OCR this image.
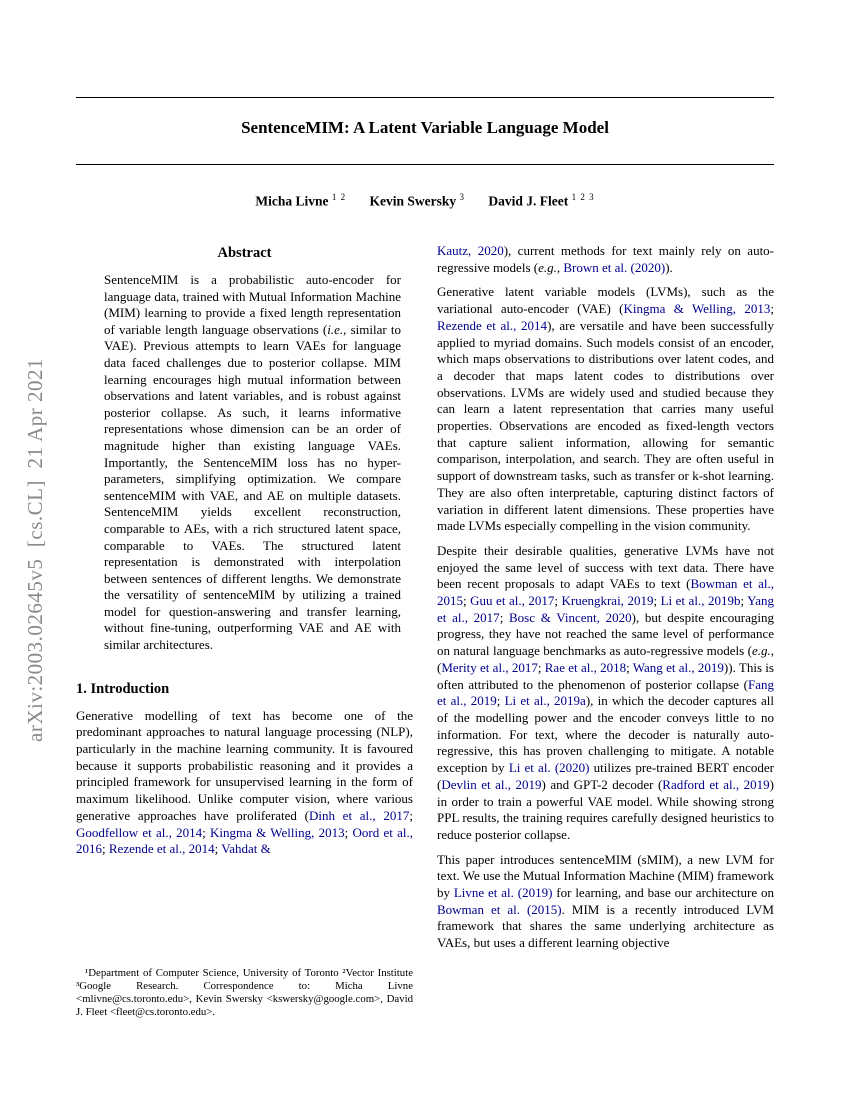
arXiv:2003.02645v5  [cs.CL]  21 Apr 2021
SentenceMIM: A Latent Variable Language Model
Micha Livne $^{1 2}$ Kevin Swersky $^3$ David J. Fleet $^{1 2 3}$
Abstract
SentenceMIM is a probabilistic auto-encoder for language data, trained with Mutual Information Machine (MIM) learning to provide a fixed length representation of variable length language observations (i.e., similar to VAE). Previous attempts to learn VAEs for language data faced challenges due to posterior collapse. MIM learning encourages high mutual information between observations and latent variables, and is robust against posterior collapse. As such, it learns informative representations whose dimension can be an order of magnitude higher than existing language VAEs. Importantly, the SentenceMIM loss has no hyper-parameters, simplifying optimization. We compare sentenceMIM with VAE, and AE on multiple datasets. SentenceMIM yields excellent reconstruction, comparable to AEs, with a rich structured latent space, comparable to VAEs. The structured latent representation is demonstrated with interpolation between sentences of different lengths. We demonstrate the versatility of sentenceMIM by utilizing a trained model for question-answering and transfer learning, without fine-tuning, outperforming VAE and AE with similar architectures.
1. Introduction

Generative modelling of text has become one of the predominant approaches to natural language processing (NLP), particularly in the machine learning community. It is favoured because it supports probabilistic reasoning and it provides a principled framework for unsupervised learning in the form of maximum likelihood. Unlike computer vision, where various generative approaches have proliferated (Dinh et al., 2017; Goodfellow et al., 2014; Kingma & Welling, 2013; Oord et al., 2016; Rezende et al., 2014; Vahdat &

¹Department of Computer Science, University of Toronto ²Vector Institute ³Google Research. Correspondence to: Micha Livne <mlivne@cs.toronto.edu>, Kevin Swersky <kswersky@google.com>, David J. Fleet <fleet@cs.toronto.edu>.

Kautz, 2020), current methods for text mainly rely on auto-regressive models (e.g., Brown et al. (2020)).

Generative latent variable models (LVMs), such as the variational auto-encoder (VAE) (Kingma & Welling, 2013; Rezende et al., 2014), are versatile and have been successfully applied to myriad domains. Such models consist of an encoder, which maps observations to distributions over latent codes, and a decoder that maps latent codes to distributions over observations. LVMs are widely used and studied because they can learn a latent representation that carries many useful properties. Observations are encoded as fixed-length vectors that capture salient information, allowing for semantic comparison, interpolation, and search. They are often useful in support of downstream tasks, such as transfer or k-shot learning. They are also often interpretable, capturing distinct factors of variation in different latent dimensions. These properties have made LVMs especially compelling in the vision community.

Despite their desirable qualities, generative LVMs have not enjoyed the same level of success with text data. There have been recent proposals to adapt VAEs to text (Bowman et al., 2015; Guu et al., 2017; Kruengkrai, 2019; Li et al., 2019b; Yang et al., 2017; Bosc & Vincent, 2020), but despite encouraging progress, they have not reached the same level of performance on natural language benchmarks as auto-regressive models (e.g., (Merity et al., 2017; Rae et al., 2018; Wang et al., 2019)). This is often attributed to the phenomenon of posterior collapse (Fang et al., 2019; Li et al., 2019a), in which the decoder captures all of the modelling power and the encoder conveys little to no information. For text, where the decoder is naturally auto-regressive, this has proven challenging to mitigate. A notable exception by Li et al. (2020) utilizes pre-trained BERT encoder (Devlin et al., 2019) and GPT-2 decoder (Radford et al., 2019) in order to train a powerful VAE model. While showing strong PPL results, the training requires carefully designed heuristics to reduce posterior collapse.

This paper introduces sentenceMIM (sMIM), a new LVM for text. We use the Mutual Information Machine (MIM) framework by Livne et al. (2019) for learning, and base our architecture on Bowman et al. (2015). MIM is a recently introduced LVM framework that shares the same underlying architecture as VAEs, but uses a different learning objective
